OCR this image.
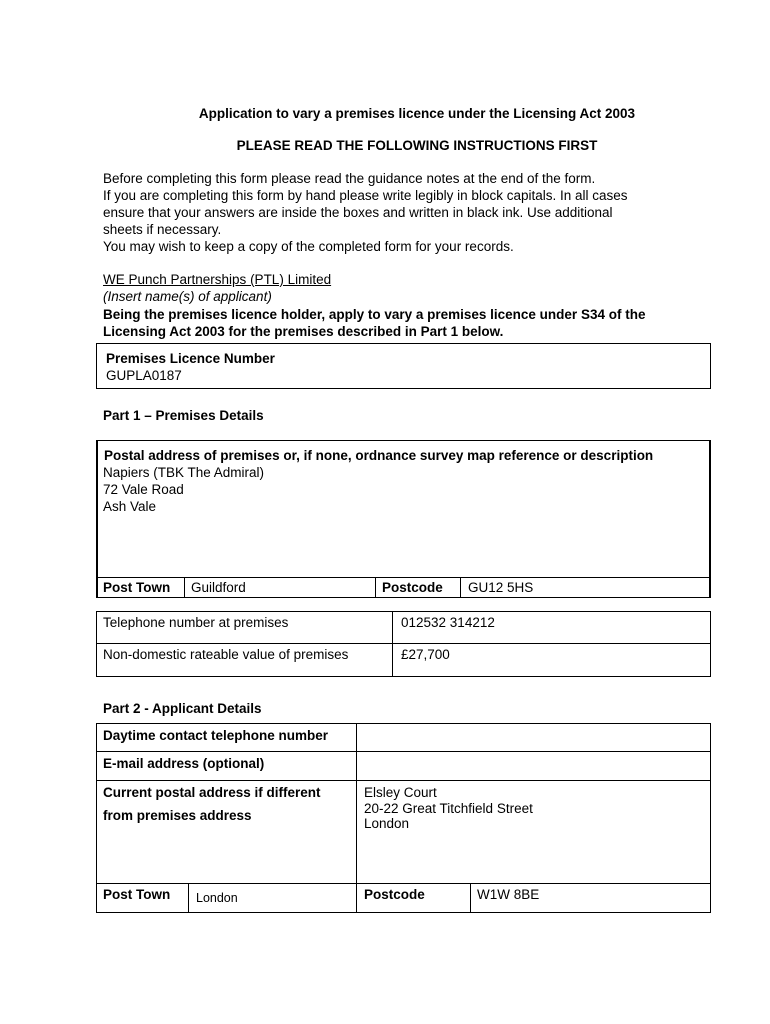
Application to vary a premises licence under the Licensing Act 2003
PLEASE READ THE FOLLOWING INSTRUCTIONS FIRST
Before completing this form please read the guidance notes at the end of the form.
If you are completing this form by hand please write legibly in block capitals. In all cases
ensure that your answers are inside the boxes and written in black ink. Use additional
sheets if necessary.
You may wish to keep a copy of the completed form for your records.
WE Punch Partnerships (PTL) Limited
(Insert name(s) of applicant)
Being the premises licence holder, apply to vary a premises licence under S34 of the
Licensing Act 2003 for the premises described in Part 1 below.
Premises Licence Number
GUPLA0187
Part 1 – Premises Details
Postal address of premises or, if none, ordnance survey map reference or description
Napiers (TBK The Admiral)
72 Vale Road
Ash Vale
Post Town Guildford	Postcode GU12 5HS
Telephone number at premises	012532 314212
Non-domestic rateable value of premises	£27,700
Part 2 - Applicant Details
Daytime contact telephone number
E-mail address (optional)
Current postal address if different
from premises address
Elsley Court
20-22 Great Titchfield Street
London
Post Town London	Postcode	W1W 8BE
